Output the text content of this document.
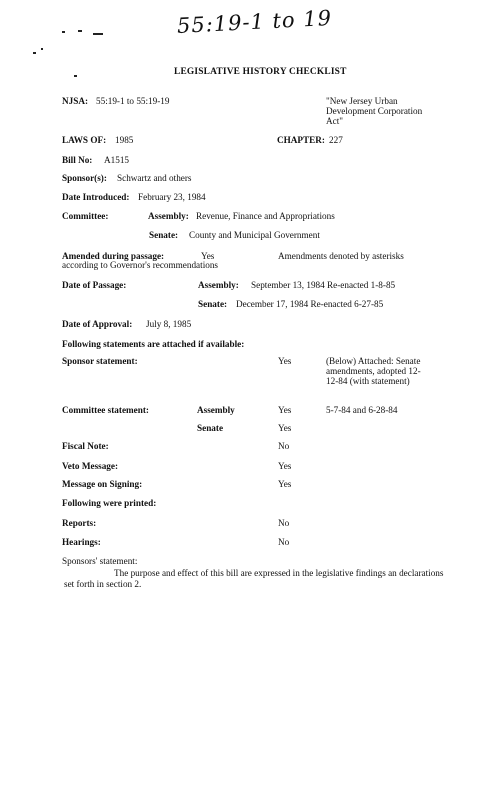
55:19-1 to 19
LEGISLATIVE HISTORY CHECKLIST
NJSA: 55:19-1 to 55:19-19	"New Jersey Urban
Development Corporation
Act"
LAWS OF: 1985	CHAPTER: 227
Bill No: A1515
Sponsor(s): Schwartz and others
Date Introduced: February 23, 1984
Committee:	Assembly: Revenue, Finance and Appropriations
Senate: County and Municipal Government
Amended during passage:	Yes	Amendments denoted by asterisks
according to Governor's recommendations
Date of Passage:	Assembly: September 13, 1984 Re-enacted 1-8-85
Senate: December 17, 1984 Re-enacted 6-27-85
Date of Approval: July 8, 1985
Following statements are attached if available:
Sponsor statement:	Yes	(Below) Attached: Senate
amendments, adopted 12-
12-84 (with statement)
Committee statement:	Assembly	Yes	5-7-84 and 6-28-84
Senate	Yes
Fiscal Note:	No
Veto Message:	Yes
Message on Signing:	Yes
Following were printed:
Reports:	No
Hearings:	No
Sponsors' statement:
The purpose and effect of this bill are expressed in the legislative findings an declarations set forth in section 2.
